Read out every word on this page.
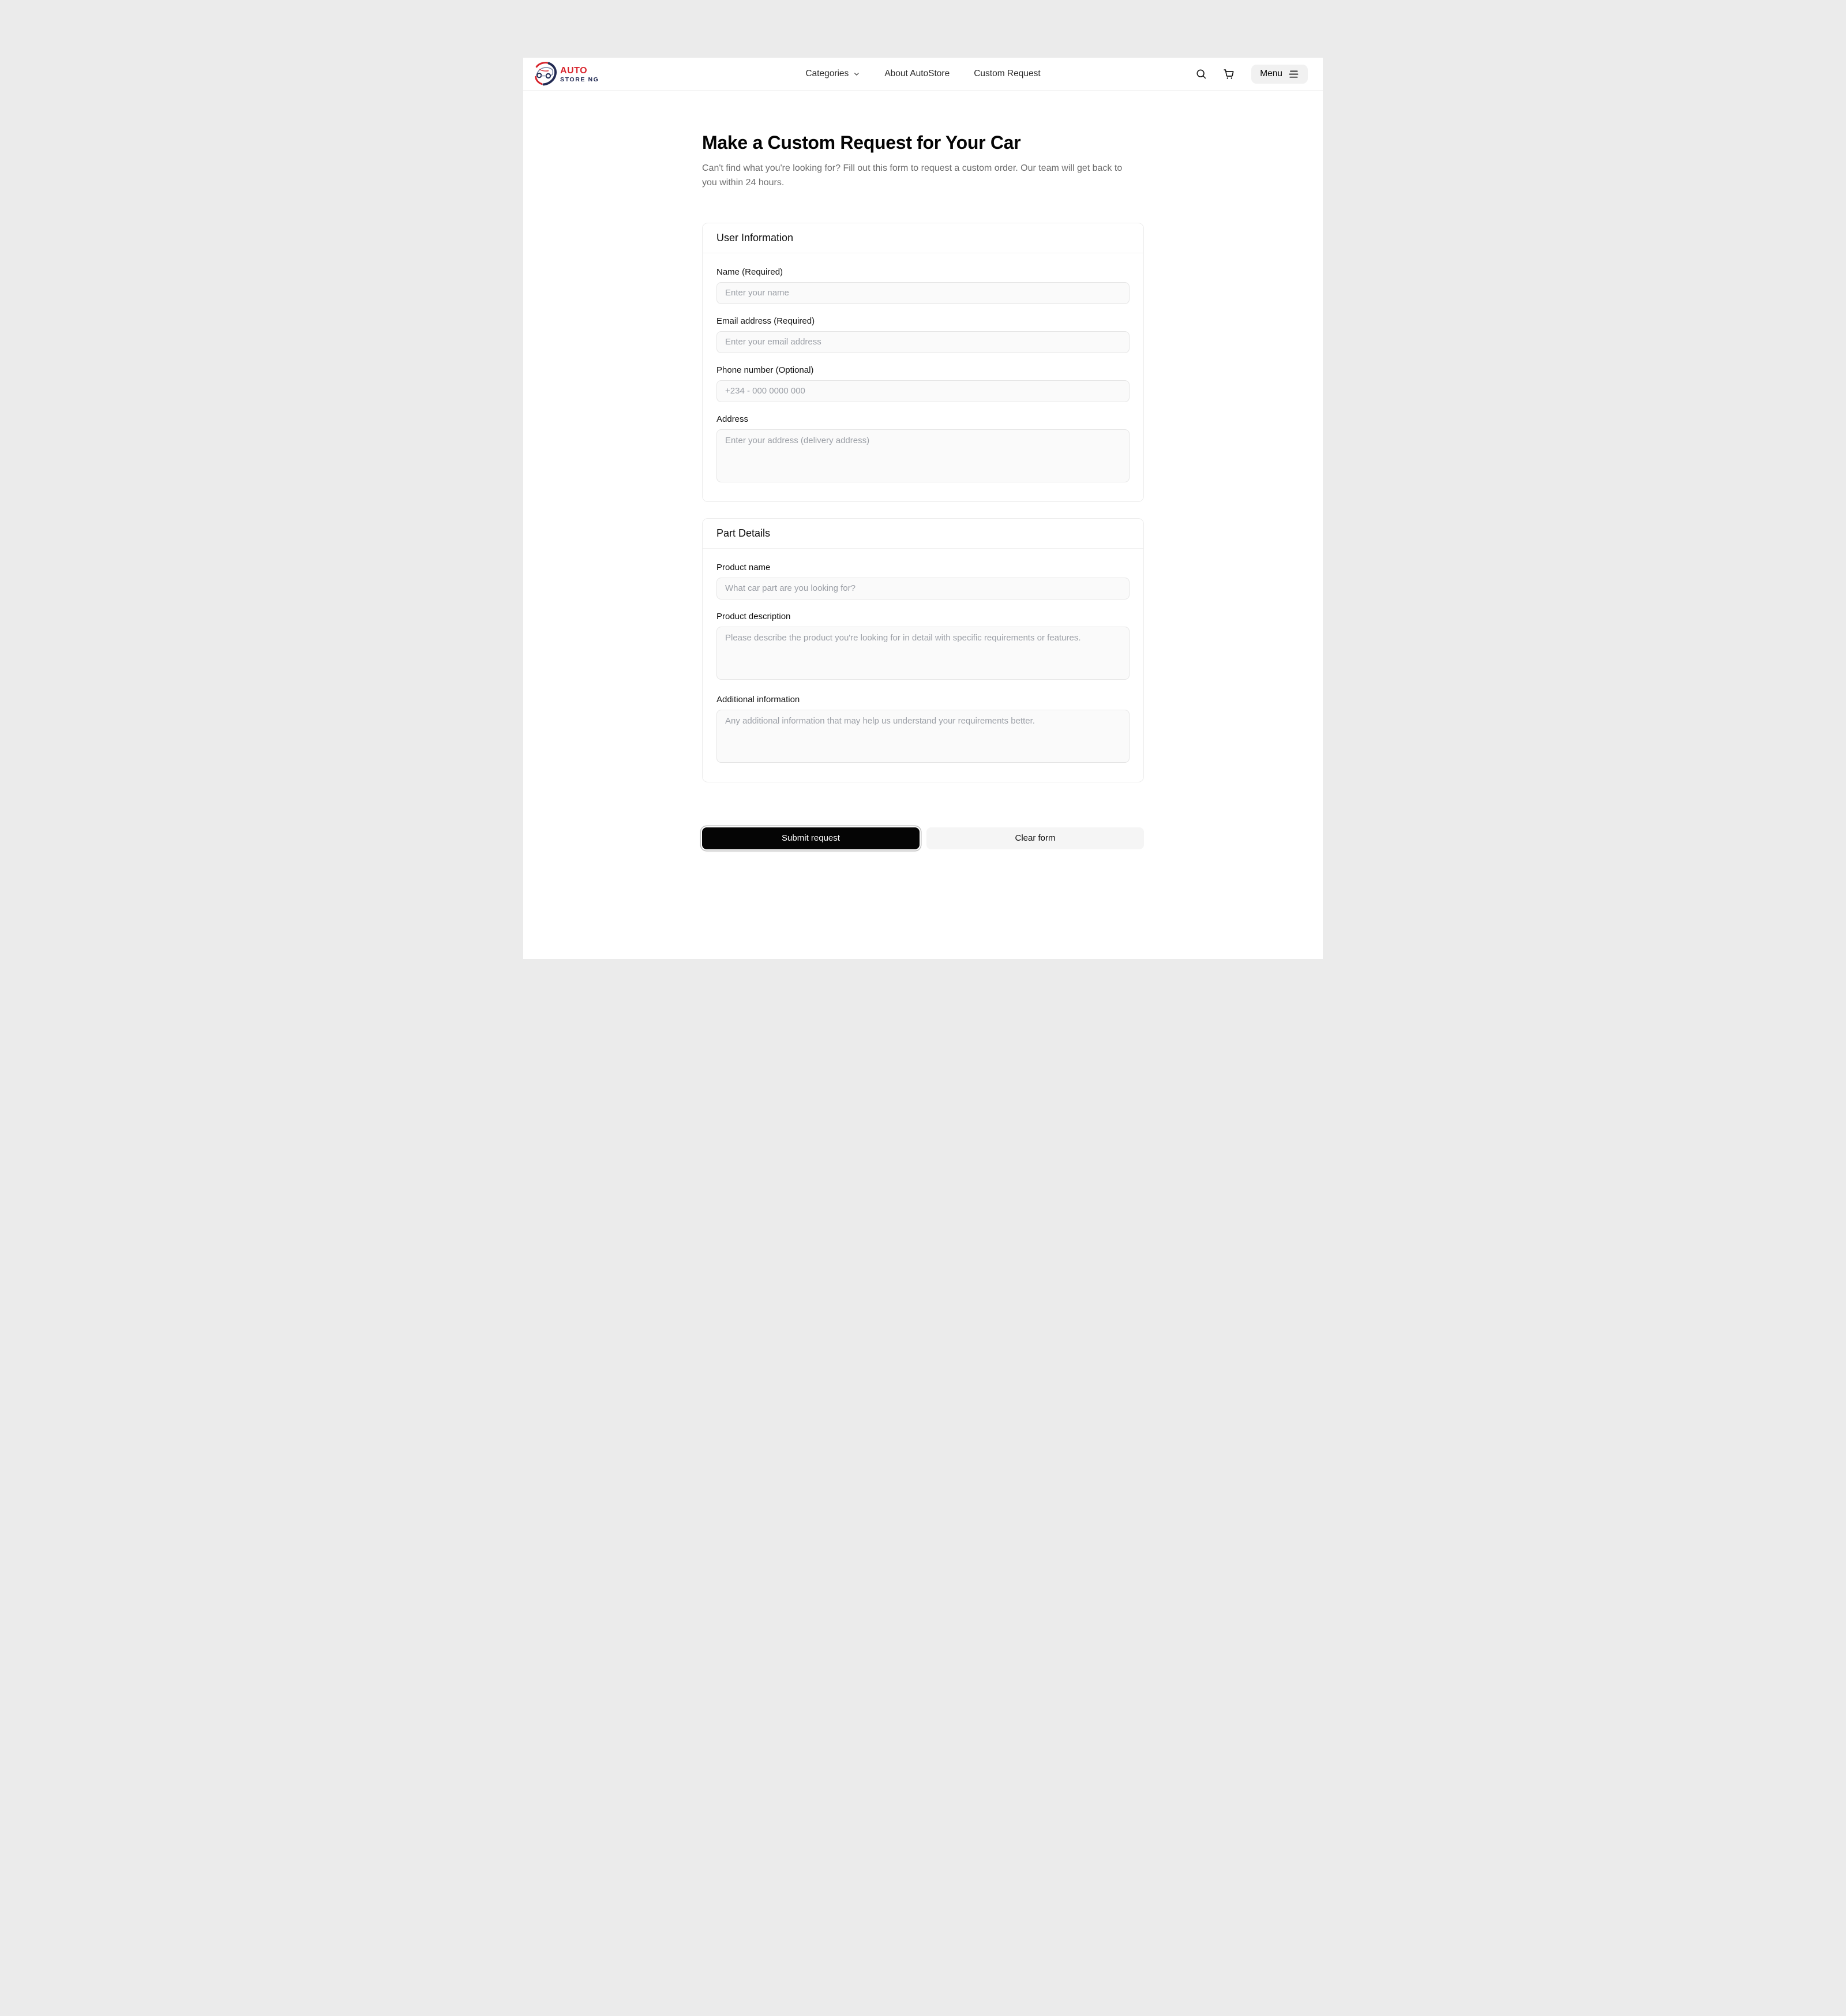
AUTO
STORE NG
Categories	About AutoStore	Custom Request	Menu
Make a Custom Request for Your Car

Can't find what you're looking for? Fill out this form to request a custom order. Our team will get back to you within 24 hours.

User Information
Name (Required)
Enter your name
Email address (Required)
Enter your email address
Phone number (Optional)
+234 - 000 0000 000
Address
Enter your address (delivery address)
Part Details
Product name
What car part are you looking for?
Product description
Please describe the product you're looking for in detail with specific requirements or features.
Additional information
Any additional information that may help us understand your requirements better.
Submit request	Clear form
